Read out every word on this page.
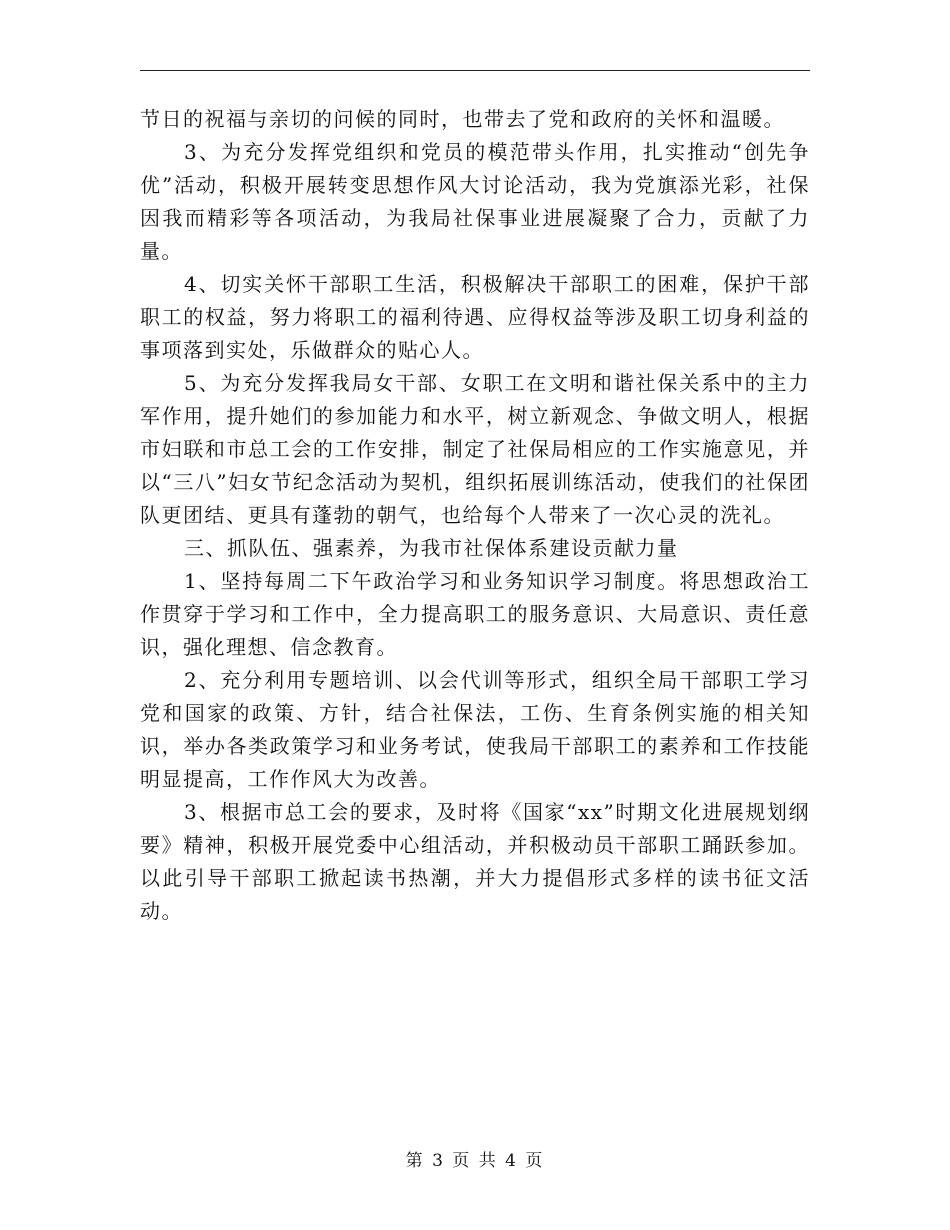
节日的祝福与亲切的问候的同时，也带去了党和政府的关怀和温暖。

3、为充分发挥党组织和党员的模范带头作用，扎实推动“创先争优”活动，积极开展转变思想作风大讨论活动，我为党旗添光彩，社保因我而精彩等各项活动，为我局社保事业进展凝聚了合力，贡献了力量。

4、切实关怀干部职工生活，积极解决干部职工的困难，保护干部职工的权益，努力将职工的福利待遇、应得权益等涉及职工切身利益的事项落到实处，乐做群众的贴心人。

5、为充分发挥我局女干部、女职工在文明和谐社保关系中的主力军作用，提升她们的参加能力和水平，树立新观念、争做文明人，根据市妇联和市总工会的工作安排，制定了社保局相应的工作实施意见，并以“三八”妇女节纪念活动为契机，组织拓展训练活动，使我们的社保团队更团结、更具有蓬勃的朝气，也给每个人带来了一次心灵的洗礼。

三、抓队伍、强素养，为我市社保体系建设贡献力量

1、坚持每周二下午政治学习和业务知识学习制度。将思想政治工作贯穿于学习和工作中，全力提高职工的服务意识、大局意识、责任意识，强化理想、信念教育。

2、充分利用专题培训、以会代训等形式，组织全局干部职工学习党和国家的政策、方针，结合社保法，工伤、生育条例实施的相关知识，举办各类政策学习和业务考试，使我局干部职工的素养和工作技能明显提高，工作作风大为改善。

3、根据市总工会的要求，及时将《国家“xx”时期文化进展规划纲要》精神，积极开展党委中心组活动，并积极动员干部职工踊跃参加。以此引导干部职工掀起读书热潮，并大力提倡形式多样的读书征文活动。

第 3 页 共 4 页
